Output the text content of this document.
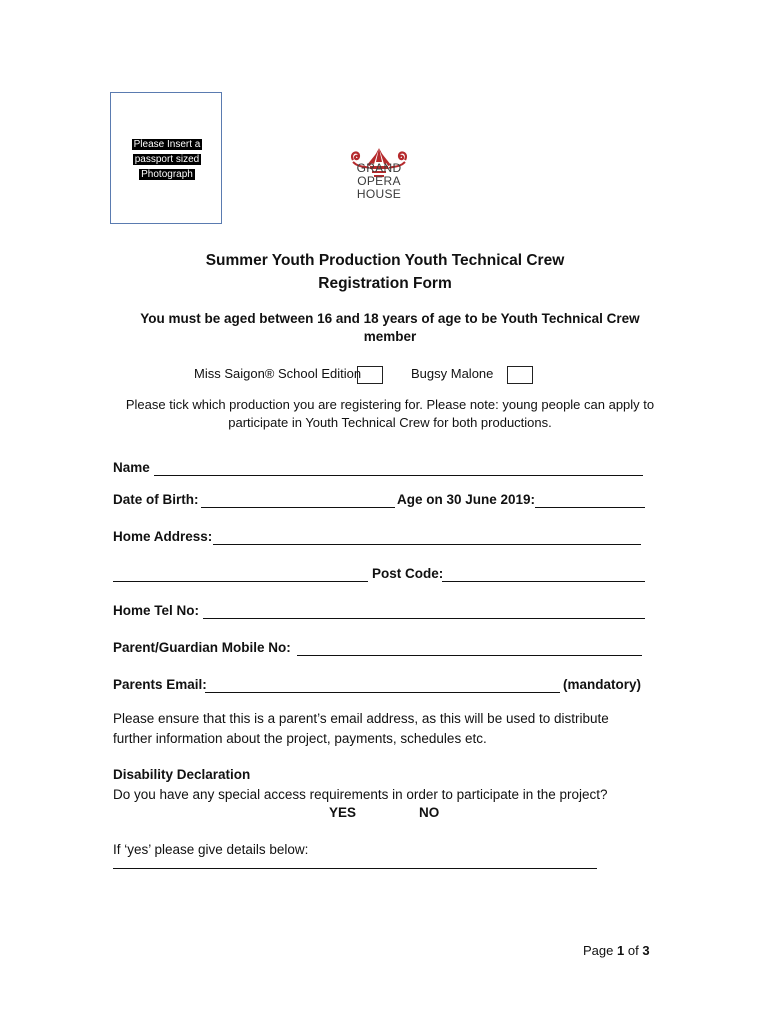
Please Insert a
passport sized
Photograph	GRAND
OPERA
HOUSE
Summer Youth Production Youth Technical Crew
Registration Form
You must be aged between 16 and 18 years of age to be Youth Technical Crew
member
Miss Saigon® School Edition	Bugsy Malone
Please tick which production you are registering for. Please note: young people can apply to
participate in Youth Technical Crew for both productions.
Name
Date of Birth:	Age on 30 June 2019:
Home Address:
Post Code:
Home Tel No:
Parent/Guardian Mobile No:
Parents Email:	(mandatory)
Please ensure that this is a parent’s email address, as this will be used to distribute
further information about the project, payments, schedules etc.
Disability Declaration
Do you have any special access requirements in order to participate in the project?
YES	NO
If ‘yes’ please give details below:
Page 1 of 3
